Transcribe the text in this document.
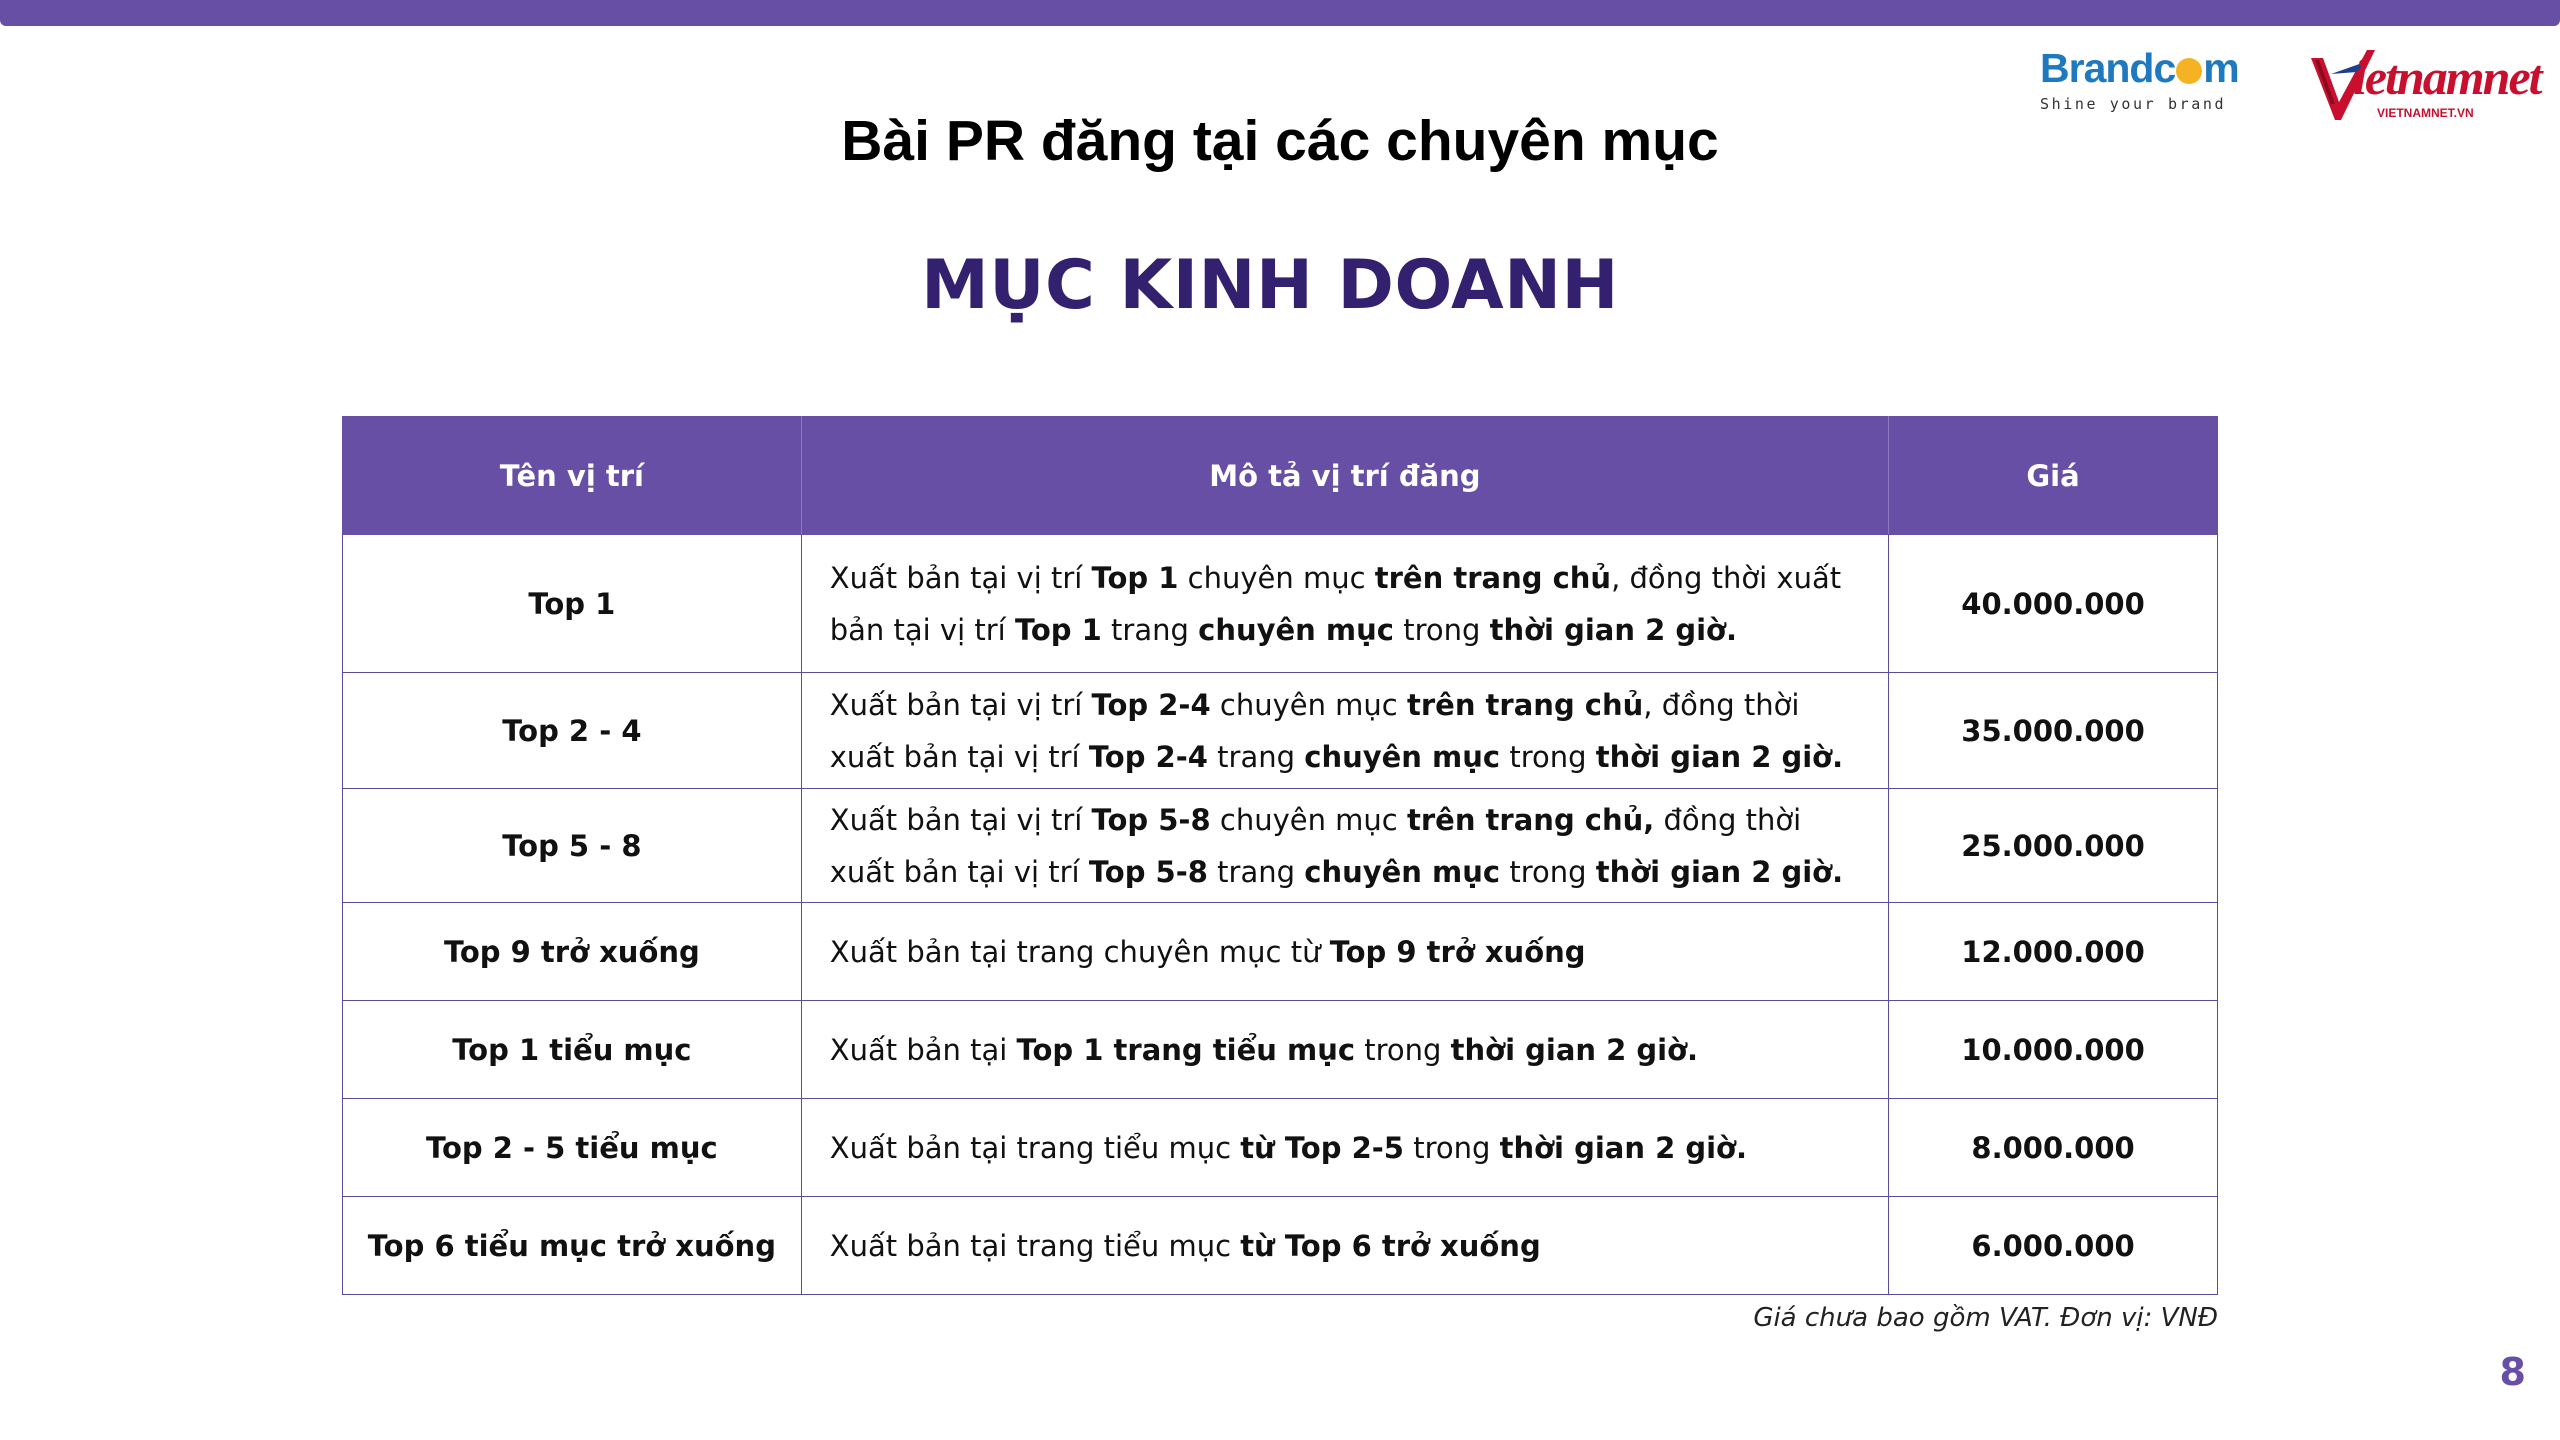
Brandc m
Shine your brand	ietnamnet
VIETNAMNET.VN
Bài PR đăng tại các chuyên mục
MỤC KINH DOANH
Tên vị trí	Mô tả vị trí đăng	Giá
Top 1	Xuất bản tại vị trí Top 1 chuyên mục trên trang chủ, đồng thời xuất bản tại vị trí Top 1 trang chuyên mục trong thời gian 2 giờ.	40.000.000
Top 2 - 4	Xuất bản tại vị trí Top 2-4 chuyên mục trên trang chủ, đồng thời xuất bản tại vị trí Top 2-4 trang chuyên mục trong thời gian 2 giờ.	35.000.000
Top 5 - 8	Xuất bản tại vị trí Top 5-8 chuyên mục trên trang chủ, đồng thời xuất bản tại vị trí Top 5-8 trang chuyên mục trong thời gian 2 giờ.	25.000.000
Top 9 trở xuống	Xuất bản tại trang chuyên mục từ Top 9 trở xuống	12.000.000
Top 1 tiểu mục	Xuất bản tại Top 1 trang tiểu mục trong thời gian 2 giờ.	10.000.000
Top 2 - 5 tiểu mục	Xuất bản tại trang tiểu mục từ Top 2-5 trong thời gian 2 giờ.	8.000.000
Top 6 tiểu mục trở xuống	Xuất bản tại trang tiểu mục từ Top 6 trở xuống	6.000.000
Giá chưa bao gồm VAT. Đơn vị: VNĐ
8
